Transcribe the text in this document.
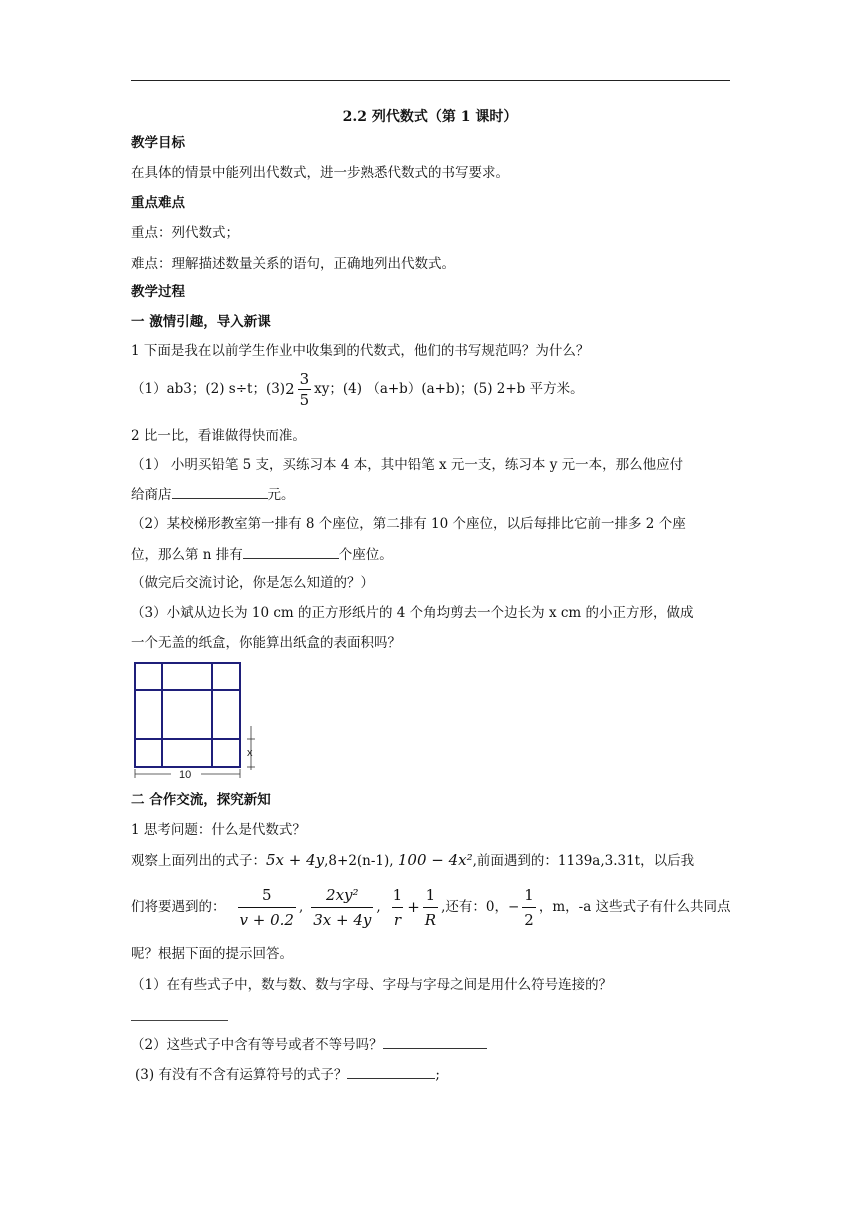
2.2 列代数式（第 1 课时）
教学目标
在具体的情景中能列出代数式，进一步熟悉代数式的书写要求。
重点难点
重点：列代数式；
难点：理解描述数量关系的语句，正确地列出代数式。
教学过程
一 激情引趣，导入新课
1 下面是我在以前学生作业中收集到的代数式，他们的书写规范吗？为什么？
（1）ab3；(2) s÷t；(3) $2 \frac{3}{5}$ xy；(4) （a+b）(a+b)；(5) 2+b 平方米。
2 比一比，看谁做得快而准。
（1） 小明买铅笔 5 支，买练习本 4 本，其中铅笔 x 元一支，练习本 y 元一本，那么他应付
给商店	元。
（2）某校梯形教室第一排有 8 个座位，第二排有 10 个座位，以后每排比它前一排多 2 个座
位，那么第 n 排有	个座位。
（做完后交流讨论，你是怎么知道的？）
（3）小斌从边长为 10 cm 的正方形纸片的 4 个角均剪去一个边长为 x cm 的小正方形，做成
一个无盖的纸盒，你能算出纸盒的表面积吗？
x
10
二 合作交流，探究新知
1 思考问题：什么是代数式？
观察上面列出的式子：5x + 4y,8+2(n-1), 100 − 4x²,前面遇到的：1139a,3.31t，以后我
们将要遇到的： $\frac{5}{v + 0.2}$ , $\frac{\text{2xy²}}{3x + 4y}$ , $\frac{1}{r} + \frac{1}{R}$ ,还有：0，− $\frac{1}{2}$ ，m，-a 这些式子有什么共同点
呢？根据下面的提示回答。
（1）在有些式子中，数与数、数与字母、字母与字母之间是用什么符号连接的？
（2）这些式子中含有等号或者不等号吗？
(3) 有没有不含有运算符号的式子？	;
